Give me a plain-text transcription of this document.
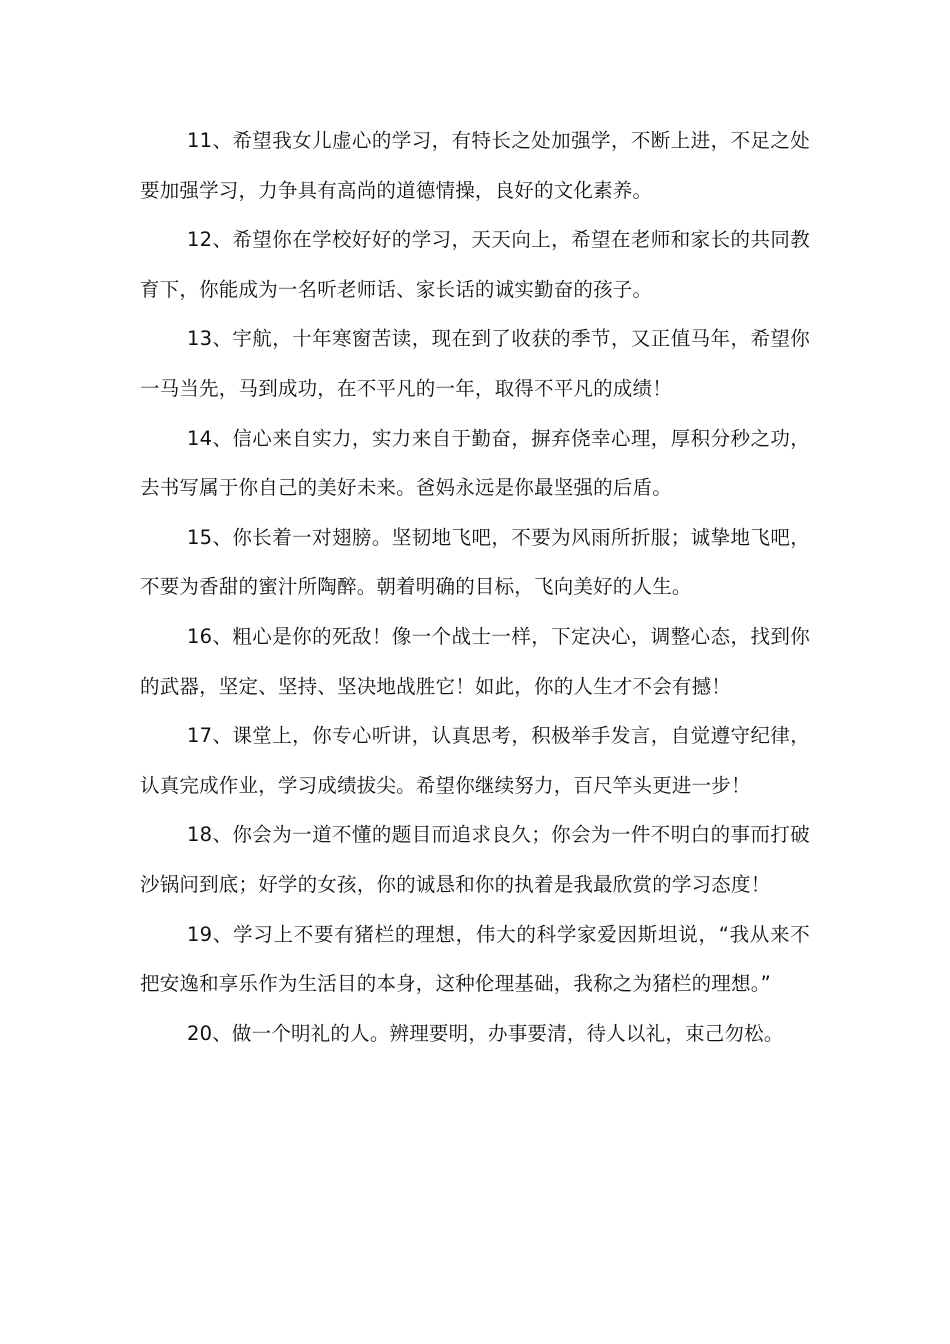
11、希望我女儿虚心的学习，有特长之处加强学，不断上进，不足之处要加强学习，力争具有高尚的道德情操，良好的文化素养。

12、希望你在学校好好的学习，天天向上，希望在老师和家长的共同教育下，你能成为一名听老师话、家长话的诚实勤奋的孩子。

13、宇航，十年寒窗苦读，现在到了收获的季节，又正值马年，希望你一马当先，马到成功，在不平凡的一年，取得不平凡的成绩！

14、信心来自实力，实力来自于勤奋，摒弃侥幸心理，厚积分秒之功，去书写属于你自己的美好未来。爸妈永远是你最坚强的后盾。

15、你长着一对翅膀。坚韧地飞吧，不要为风雨所折服；诚挚地飞吧，不要为香甜的蜜汁所陶醉。朝着明确的目标，飞向美好的人生。

16、粗心是你的死敌！像一个战士一样，下定决心，调整心态，找到你的武器，坚定、坚持、坚决地战胜它！如此，你的人生才不会有撼！

17、课堂上，你专心听讲，认真思考，积极举手发言，自觉遵守纪律，认真完成作业，学习成绩拔尖。希望你继续努力，百尺竿头更进一步！

18、你会为一道不懂的题目而追求良久；你会为一件不明白的事而打破沙锅问到底；好学的女孩，你的诚恳和你的执着是我最欣赏的学习态度！

19、学习上不要有猪栏的理想，伟大的科学家爱因斯坦说，“我从来不把安逸和享乐作为生活目的本身，这种伦理基础，我称之为猪栏的理想。”

20、做一个明礼的人。辨理要明，办事要清，待人以礼，束己勿松。
